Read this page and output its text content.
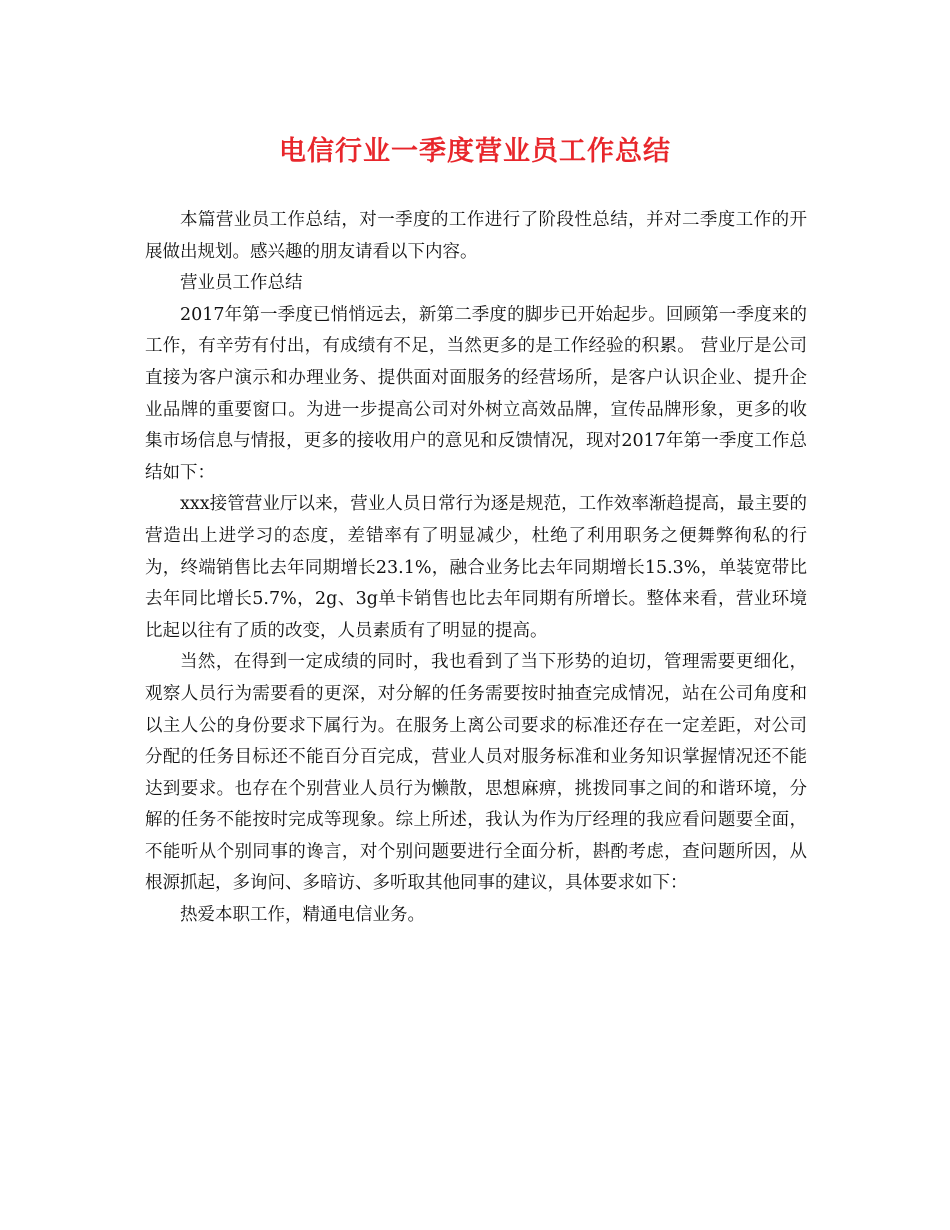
电信行业一季度营业员工作总结

本篇营业员工作总结，对一季度的工作进行了阶段性总结，并对二季度工作的开展做出规划。感兴趣的朋友请看以下内容。

营业员工作总结

2017年第一季度已悄悄远去，新第二季度的脚步已开始起步。回顾第一季度来的工作，有辛劳有付出，有成绩有不足，当然更多的是工作经验的积累。 营业厅是公司直接为客户演示和办理业务、提供面对面服务的经营场所，是客户认识企业、提升企业品牌的重要窗口。为进一步提高公司对外树立高效品牌，宣传品牌形象，更多的收集市场信息与情报，更多的接收用户的意见和反馈情况，现对2017年第一季度工作总结如下：

xxx接管营业厅以来，营业人员日常行为逐是规范，工作效率渐趋提高，最主要的营造出上进学习的态度，差错率有了明显减少，杜绝了利用职务之便舞弊徇私的行为，终端销售比去年同期增长23.1%，融合业务比去年同期增长15.3%，单装宽带比去年同比增长5.7%，2g、3g单卡销售也比去年同期有所增长。整体来看，营业环境比起以往有了质的改变，人员素质有了明显的提高。

当然，在得到一定成绩的同时，我也看到了当下形势的迫切，管理需要更细化，观察人员行为需要看的更深，对分解的任务需要按时抽查完成情况，站在公司角度和以主人公的身份要求下属行为。在服务上离公司要求的标准还存在一定差距，对公司分配的任务目标还不能百分百完成，营业人员对服务标准和业务知识掌握情况还不能达到要求。也存在个别营业人员行为懒散，思想麻痹，挑拨同事之间的和谐环境，分解的任务不能按时完成等现象。综上所述，我认为作为厅经理的我应看问题要全面，不能听从个别同事的谗言，对个别问题要进行全面分析，斟酌考虑，查问题所因，从根源抓起，多询问、多暗访、多听取其他同事的建议，具体要求如下：

热爱本职工作，精通电信业务。
